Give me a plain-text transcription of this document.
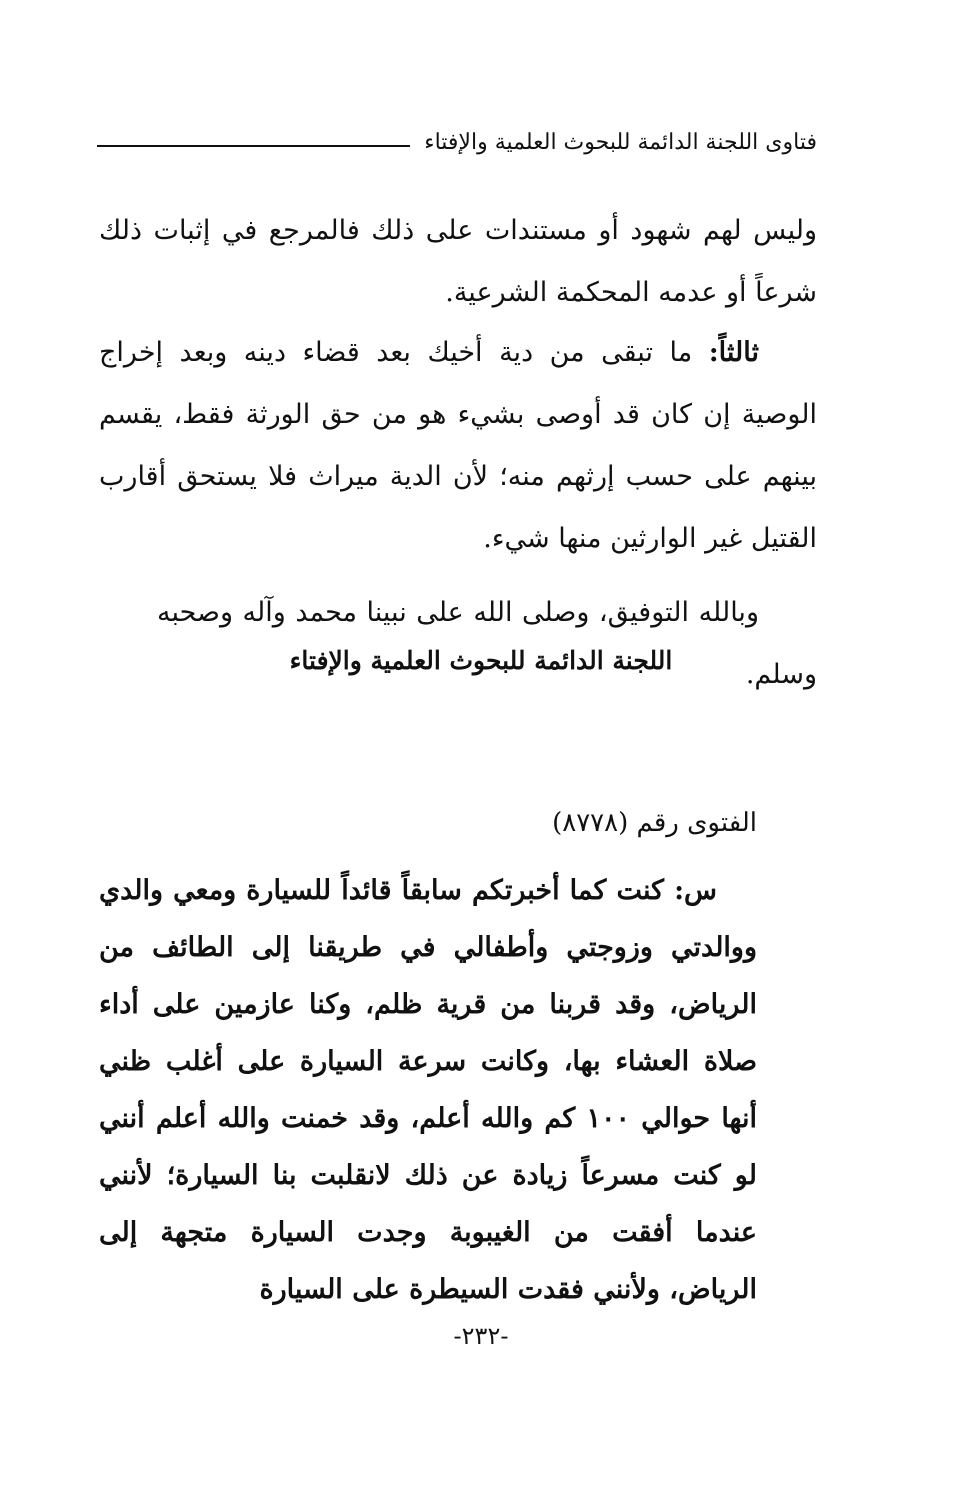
فتاوى اللجنة الدائمة للبحوث العلمية والإفتاء

وليس لهم شهود أو مستندات على ذلك فالمرجع في إثبات ذلك شرعاً أو عدمه المحكمة الشرعية.

ثالثاً: ما تبقى من دية أخيك بعد قضاء دينه وبعد إخراج الوصية إن كان قد أوصى بشيء هو من حق الورثة فقط، يقسم بينهم على حسب إرثهم منه؛ لأن الدية ميراث فلا يستحق أقارب القتيل غير الوارثين منها شيء.

وبالله التوفيق، وصلى الله على نبينا محمد وآله وصحبه وسلم.

اللجنة الدائمة للبحوث العلمية والإفتاء
الفتوى رقم (٨٧٧٨)

س: كنت كما أخبرتكم سابقاً قائداً للسيارة ومعي والدي ووالدتي وزوجتي وأطفالي في طريقنا إلى الطائف من الرياض، وقد قربنا من قرية ظلم، وكنا عازمين على أداء صلاة العشاء بها، وكانت سرعة السيارة على أغلب ظني أنها حوالي ١٠٠ كم والله أعلم، وقد خمنت والله أعلم أنني لو كنت مسرعاً زيادة عن ذلك لانقلبت بنا السيارة؛ لأنني عندما أفقت من الغيبوبة وجدت السيارة متجهة إلى الرياض، ولأنني فقدت السيطرة على السيارة

-٢٣٢-
